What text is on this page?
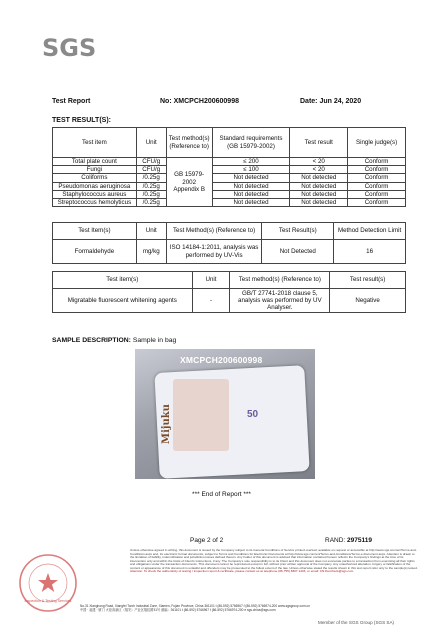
SGS
Test Report	No: XMCPCH200600998	Date: Jun 24, 2020
TEST RESULT(S):
Test item	Unit	Test method(s) (Reference to)	Standard requirements (GB 15979-2002)	Test result	Single judge(s)
Total plate count	CFU/g	GB 15979-2002 Appendix B	≤ 200	< 20	Conform
Fungi	CFU/g		≤ 100	< 20	Conform
Coliforms	/0.25g		Not detected	Not detected	Conform
Pseudomonas aeruginosa	/0.25g		Not detected	Not detected	Conform
Staphylococcus aureus	/0.25g		Not detected	Not detected	Conform
Streptococcus hemolyticus	/0.25g		Not detected	Not detected	Conform
Test Item(s)	Unit	Test Method(s) (Reference to)	Test Result(s)	Method Detection Limit
Formaldehyde	mg/kg	ISO 14184-1:2011, analysis was performed by UV-Vis	Not Detected	16
Test item(s)	Unit	Test method(s) (Reference to)	Test result(s)
Migratable fluorescent whitening agents	-	GB/T 27741-2018 clause 5, analysis was performed by UV Analyser.	Negative
SAMPLE DESCRIPTION: Sample in bag
Mijuku	50
XMCPCH200600998
*** End of Report ***
Page 2 of 2	RAND: 2975119
Inspection & Testing Services
Unless otherwise agreed in writing, this document is issued by the Company subject to its General Conditions of Service printed overleaf, available on request or accessible at http://www.sgs.com/en/Terms-and-Conditions.aspx and, for electronic format documents, subject to Terms and Conditions for Electronic Documents at http://www.sgs.com/en/Terms-and-Conditions/Terms-e-Document.aspx. Attention is drawn to the limitation of liability, indemnification and jurisdiction issues defined therein. Any holder of this document is advised that information contained hereon reflects the Company's findings at the time of its intervention only and within the limits of Client's instructions, if any. The Company's sole responsibility is to its Client and this document does not exonerate parties to a transaction from exercising all their rights and obligations under the transaction documents. This document cannot be reproduced except in full, without prior written approval of the Company. Any unauthorized alteration, forgery or falsification of the content or appearance of this document is unlawful and offenders may be prosecuted to the fullest extent of the law. Unless otherwise stated the results shown in this test report refer only to the sample(s) tested. Attention: To check the authenticity of testing / inspection report & certificate, please contact us at telephone (86-755) 8307 1443, or email: CN.Doccheck@sgs.com
No.31 Xianghong Road, Xiangfei Torch Industrial Zone, Xiamen, Fujian Province, China 361101 t (86-592) 5766967 f (86-592) 5766974-200 www.sgsgroup.com.cn
中国 · 福建 · 厦门 火炬高新区（翔安）产业区翔虹路31号 邮编：361101 t (86-592) 5766967 f (86-592) 5766974-200 e sgs.china@sgs.com
Member of the SGS Group (SGS SA)
